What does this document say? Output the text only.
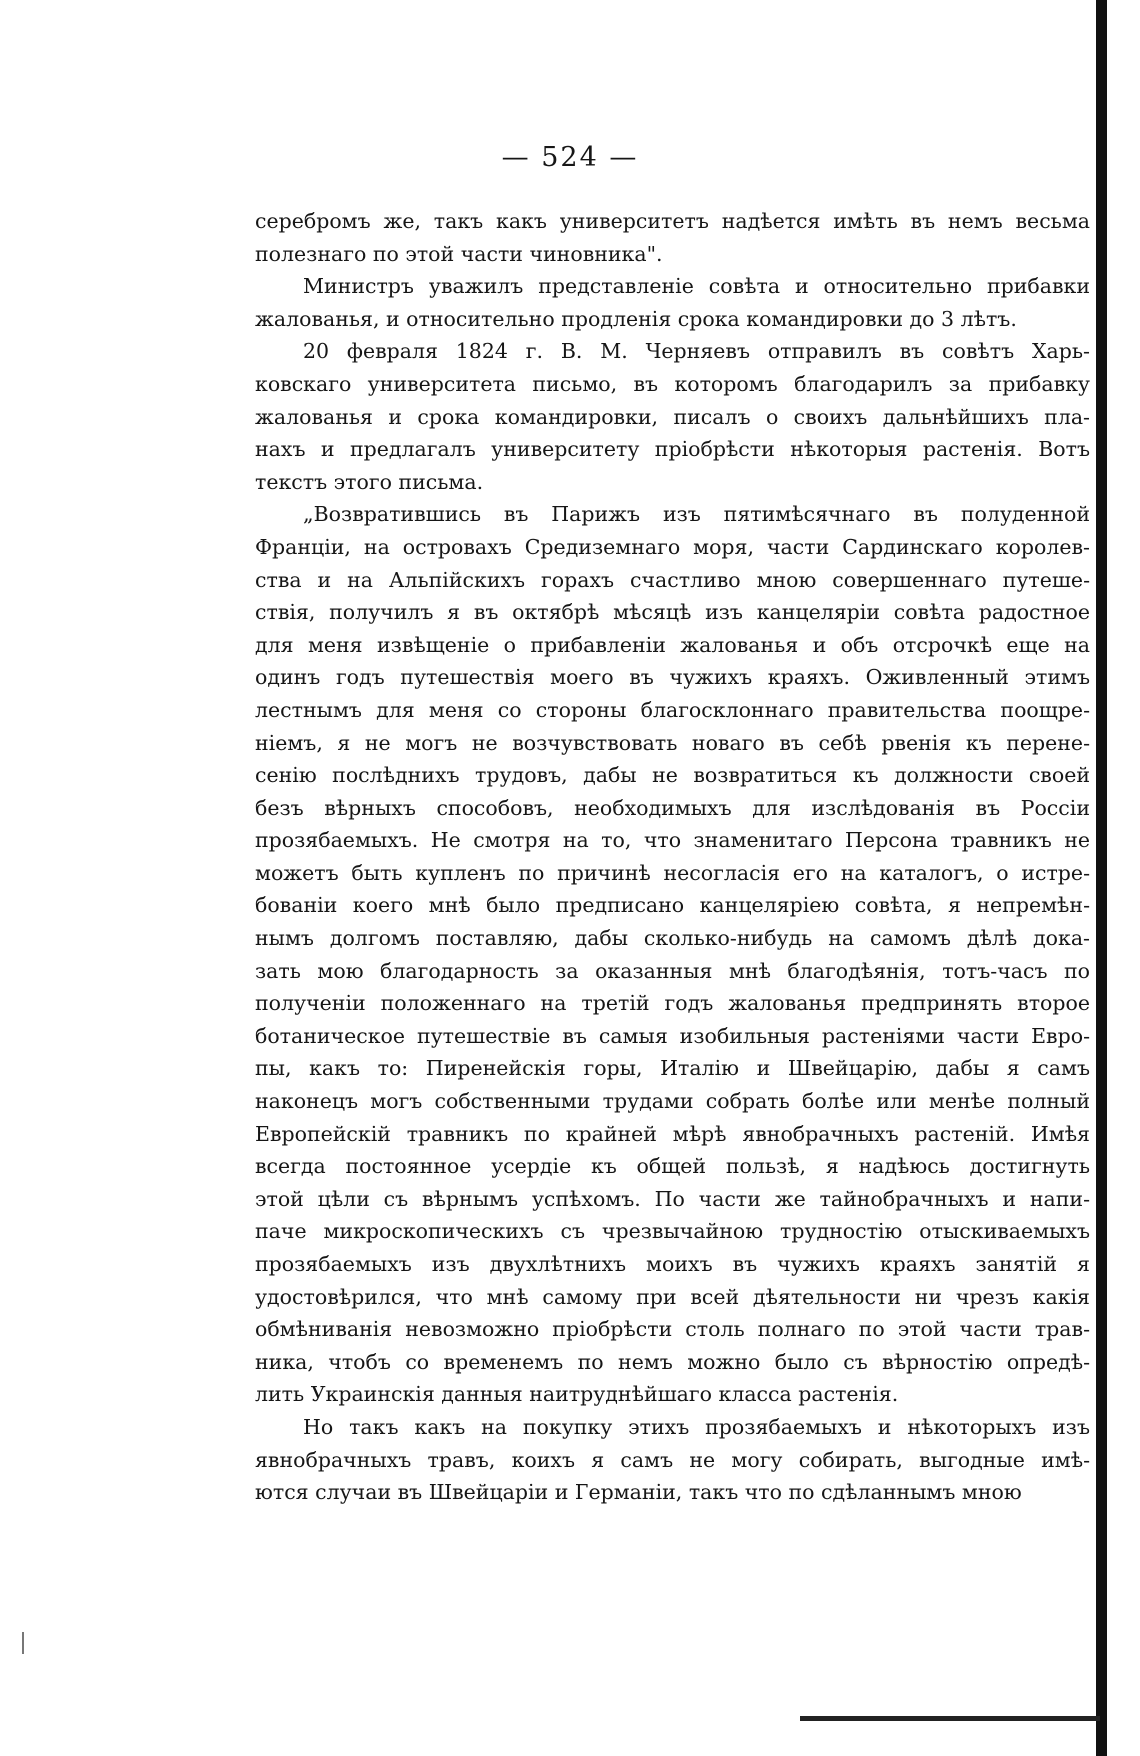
— 524 —
серебромъ же, такъ какъ университетъ надѣется имѣть въ немъ весьма
полезнаго по этой части чиновника".
Министръ уважилъ представленіе совѣта и относительно прибавки
жалованья, и относительно продленія срока командировки до 3 лѣтъ.
20 февраля 1824 г. В. М. Черняевъ отправилъ въ совѣтъ Харь-
ковскаго университета письмо, въ которомъ благодарилъ за прибавку
жалованья и срока командировки, писалъ о своихъ дальнѣйшихъ пла-
нахъ и предлагалъ университету пріобрѣсти нѣкоторыя растенія. Вотъ
текстъ этого письма.
„Возвратившись въ Парижъ изъ пятимѣсячнаго въ полуденной
Франціи, на островахъ Средиземнаго моря, части Сардинскаго королев-
ства и на Альпійскихъ горахъ счастливо мною совершеннаго путеше-
ствія, получилъ я въ октябрѣ мѣсяцѣ изъ канцеляріи совѣта радостное
для меня извѣщеніе о прибавленіи жалованья и объ отсрочкѣ еще на
одинъ годъ путешествія моего въ чужихъ краяхъ. Оживленный этимъ
лестнымъ для меня со стороны благосклоннаго правительства поощре-
ніемъ, я не могъ не возчувствовать новаго въ себѣ рвенія къ перене-
сенію послѣднихъ трудовъ, дабы не возвратиться къ должности своей
безъ вѣрныхъ способовъ, необходимыхъ для изслѣдованія въ Россіи
прозябаемыхъ. Не смотря на то, что знаменитаго Персона травникъ не
можетъ быть купленъ по причинѣ несогласія его на каталогъ, о истре-
бованіи коего мнѣ было предписано канцеляріею совѣта, я непремѣн-
нымъ долгомъ поставляю, дабы сколько-нибудь на самомъ дѣлѣ дока-
зать мою благодарность за оказанныя мнѣ благодѣянія, тотъ-часъ по
полученіи положеннаго на третій годъ жалованья предпринять второе
ботаническое путешествіе въ самыя изобильныя растеніями части Евро-
пы, какъ то: Пиренейскія горы, Италію и Швейцарію, дабы я самъ
наконецъ могъ собственными трудами собрать болѣе или менѣе полный
Европейскій травникъ по крайней мѣрѣ явнобрачныхъ растеній. Имѣя
всегда постоянное усердіе къ общей пользѣ, я надѣюсь достигнуть
этой цѣли съ вѣрнымъ успѣхомъ. По части же тайнобрачныхъ и напи-
паче микроскопическихъ съ чрезвычайною трудностію отыскиваемыхъ
прозябаемыхъ изъ двухлѣтнихъ моихъ въ чужихъ краяхъ занятій я
удостовѣрился, что мнѣ самому при всей дѣятельности ни чрезъ какія
обмѣниванія невозможно пріобрѣсти столь полнаго по этой части трав-
ника, чтобъ со временемъ по немъ можно было съ вѣрностію опредѣ-
лить Украинскія данныя наитруднѣйшаго класса растенія.
Но такъ какъ на покупку этихъ прозябаемыхъ и нѣкоторыхъ изъ
явнобрачныхъ травъ, коихъ я самъ не могу собирать, выгодные имѣ-
ются случаи въ Швейцаріи и Германіи, такъ что по сдѣланнымъ мною
